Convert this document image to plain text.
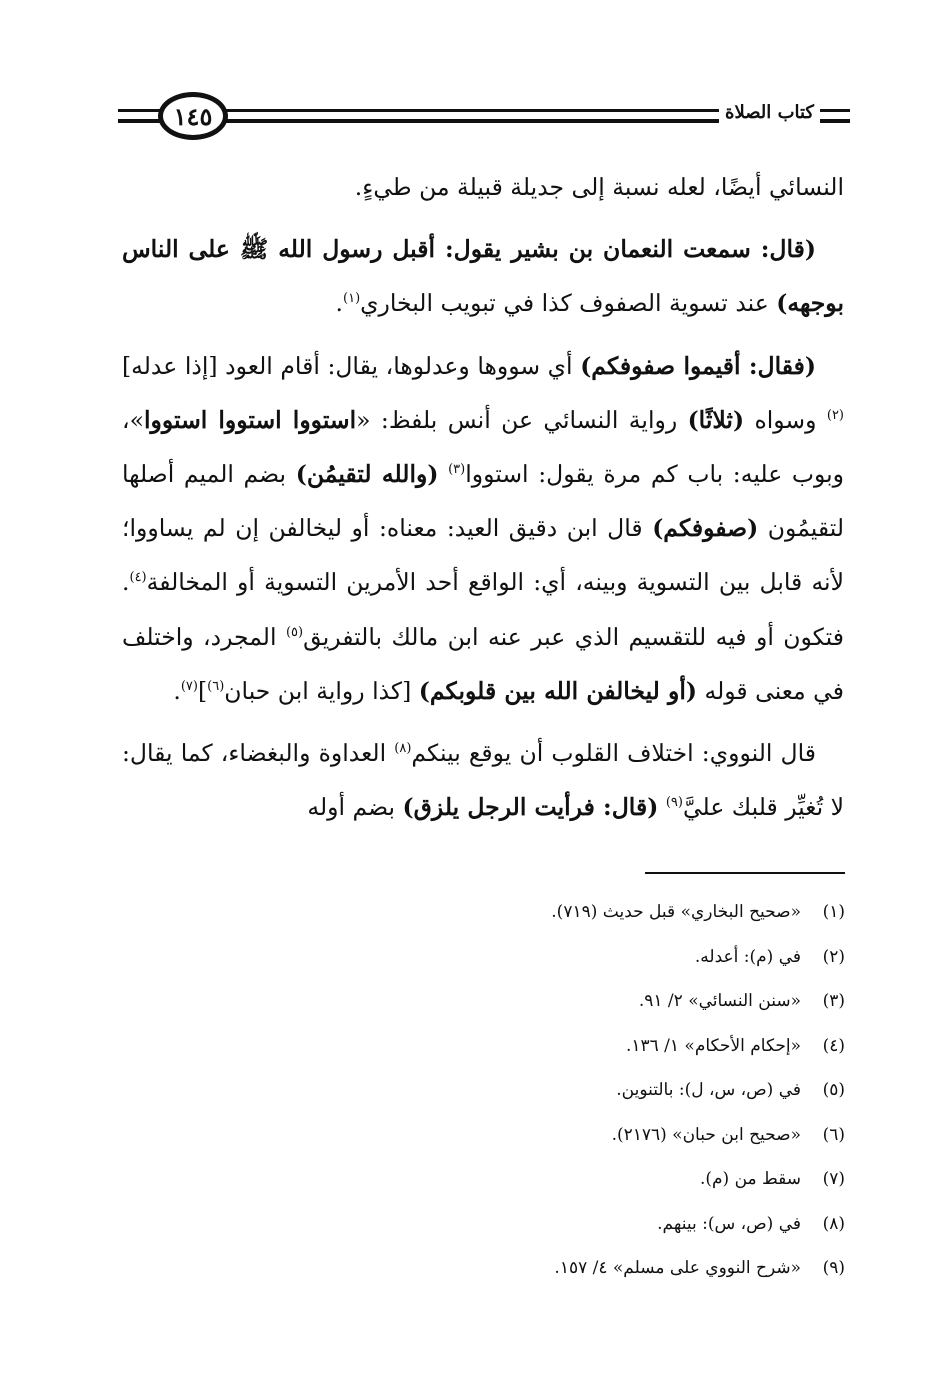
١٤٥	كتاب الصلاة

النسائي أيضًا، لعله نسبة إلى جديلة قبيلة من طيءٍ.

(قال: سمعت النعمان بن بشير يقول: أقبل رسول الله ﷺ على الناس بوجهه) عند تسوية الصفوف كذا في تبويب البخاري$^{(١)}$.

(فقال: أقيموا صفوفكم) أي سووها وعدلوها، يقال: أقام العود [إذا عدله]$^{(٢)}$ وسواه (ثلاثًا) رواية النسائي عن أنس بلفظ: «استووا استووا استووا»، وبوب عليه: باب كم مرة يقول: استووا$^{(٣)}$ (والله لتقيمُن) بضم الميم أصلها لتقيمُون (صفوفكم) قال ابن دقيق العيد: معناه: أو ليخالفن إن لم يساووا؛ لأنه قابل بين التسوية وبينه، أي: الواقع أحد الأمرين التسوية أو المخالفة$^{(٤)}$. فتكون أو فيه للتقسيم الذي عبر عنه ابن مالك بالتفريق$^{(٥)}$ المجرد، واختلف في معنى قوله (أو ليخالفن الله بين قلوبكم) [كذا رواية ابن حبان$^{(٦)}$]$^{(٧)}$.

قال النووي: اختلاف القلوب أن يوقع بينكم$^{(٨)}$ العداوة والبغضاء، كما يقال: لا تُغيِّر قلبك عليَّ$^{(٩)}$ (قال: فرأيت الرجل يلزق) بضم أوله

(١)
«صحيح البخاري» قبل حديث (٧١٩).
(٢)
في (م): أعدله.
(٣)
«سنن النسائي» ٢/ ٩١.
(٤)
«إحكام الأحكام» ١/ ١٣٦.
(٥)
في (ص، س، ل): بالتنوين.
(٦)
«صحيح ابن حبان» (٢١٧٦).
(٧)
سقط من (م).
(٨)
في (ص، س): بينهم.
(٩)
«شرح النووي على مسلم» ٤/ ١٥٧.
